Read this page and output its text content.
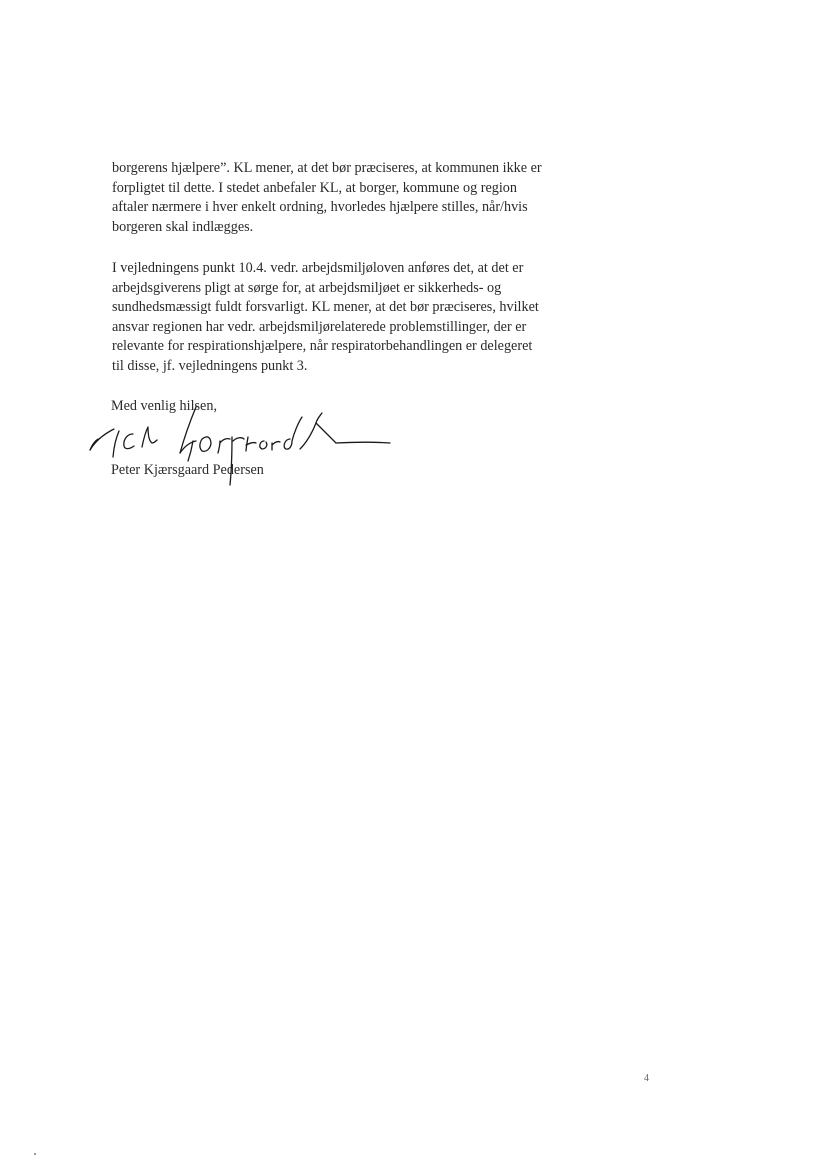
borgerens hjælpere”. KL mener, at det bør præciseres, at kommunen ikke er
forpligtet til dette. I stedet anbefaler KL, at borger, kommune og region
aftaler nærmere i hver enkelt ordning, hvorledes hjælpere stilles, når/hvis
borgeren skal indlægges.
I vejledningens punkt 10.4. vedr. arbejdsmiljøloven anføres det, at det er
arbejdsgiverens pligt at sørge for, at arbejdsmiljøet er sikkerheds- og
sundhedsmæssigt fuldt forsvarligt. KL mener, at det bør præciseres, hvilket
ansvar regionen har vedr. arbejdsmiljørelaterede problemstillinger, der er
relevante for respirationshjælpere, når respiratorbehandlingen er delegeret
til disse, jf. vejledningens punkt 3.
Med venlig hilsen,
Peter Kjærsgaard Pedersen
4
